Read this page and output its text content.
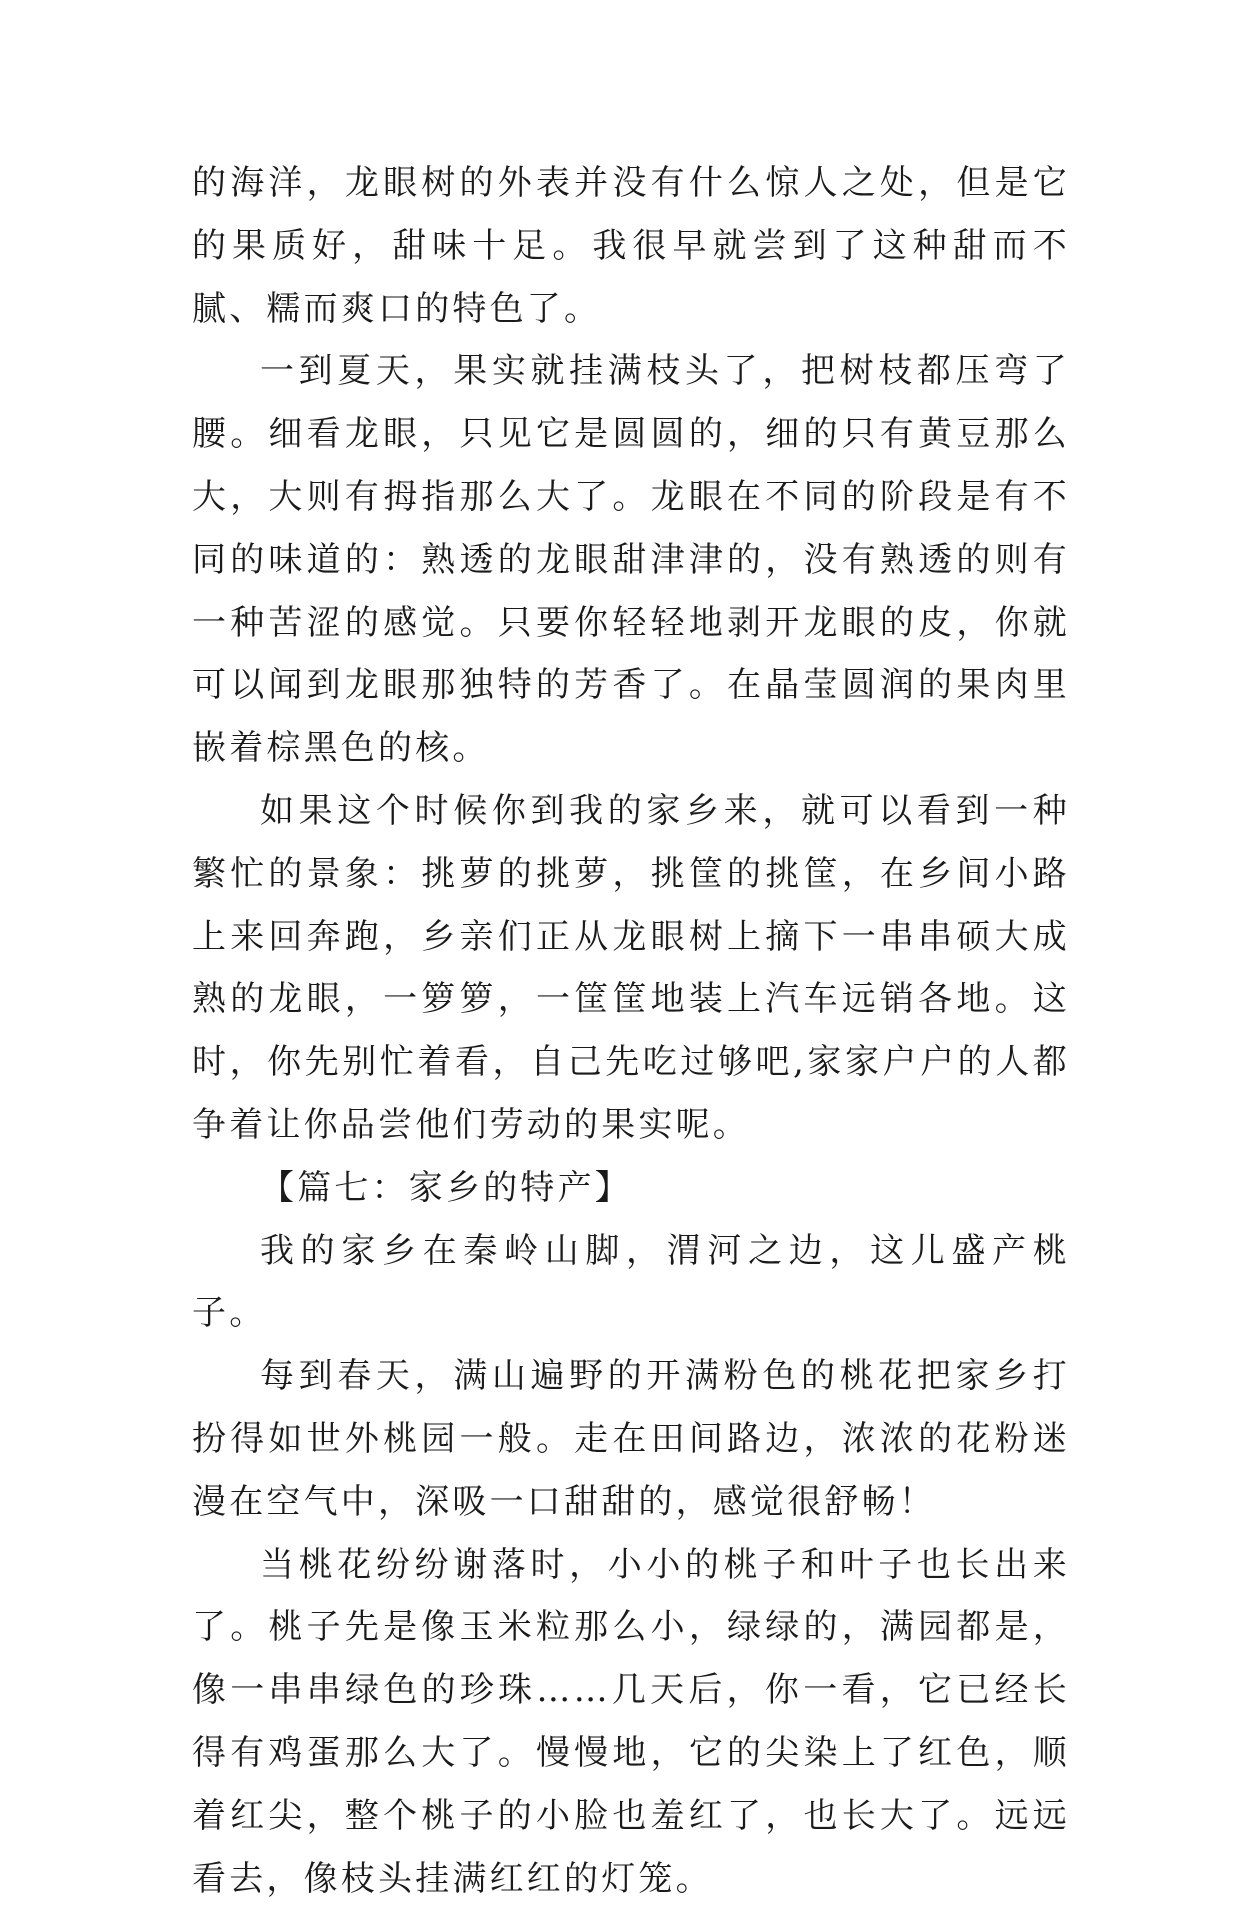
的海洋，龙眼树的外表并没有什么惊人之处，但是它的果质好，甜味十足。我很早就尝到了这种甜而不腻、糯而爽口的特色了。

一到夏天，果实就挂满枝头了，把树枝都压弯了腰。细看龙眼，只见它是圆圆的，细的只有黄豆那么大，大则有拇指那么大了。龙眼在不同的阶段是有不同的味道的：熟透的龙眼甜津津的，没有熟透的则有一种苦涩的感觉。只要你轻轻地剥开龙眼的皮，你就可以闻到龙眼那独特的芳香了。在晶莹圆润的果肉里嵌着棕黑色的核。

如果这个时候你到我的家乡来，就可以看到一种繁忙的景象：挑萝的挑萝，挑筐的挑筐，在乡间小路上来回奔跑，乡亲们正从龙眼树上摘下一串串硕大成熟的龙眼，一箩箩，一筐筐地装上汽车远销各地。这时，你先别忙着看，自己先吃过够吧,家家户户的人都争着让你品尝他们劳动的果实呢。

【篇七：家乡的特产】

我的家乡在秦岭山脚，渭河之边，这儿盛产桃子。

每到春天，满山遍野的开满粉色的桃花把家乡打扮得如世外桃园一般。走在田间路边，浓浓的花粉迷漫在空气中，深吸一口甜甜的，感觉很舒畅！

当桃花纷纷谢落时，小小的桃子和叶子也长出来了。桃子先是像玉米粒那么小，绿绿的，满园都是，像一串串绿色的珍珠……几天后，你一看，它已经长得有鸡蛋那么大了。慢慢地，它的尖染上了红色，顺着红尖，整个桃子的小脸也羞红了，也长大了。远远看去，像枝头挂满红红的灯笼。
